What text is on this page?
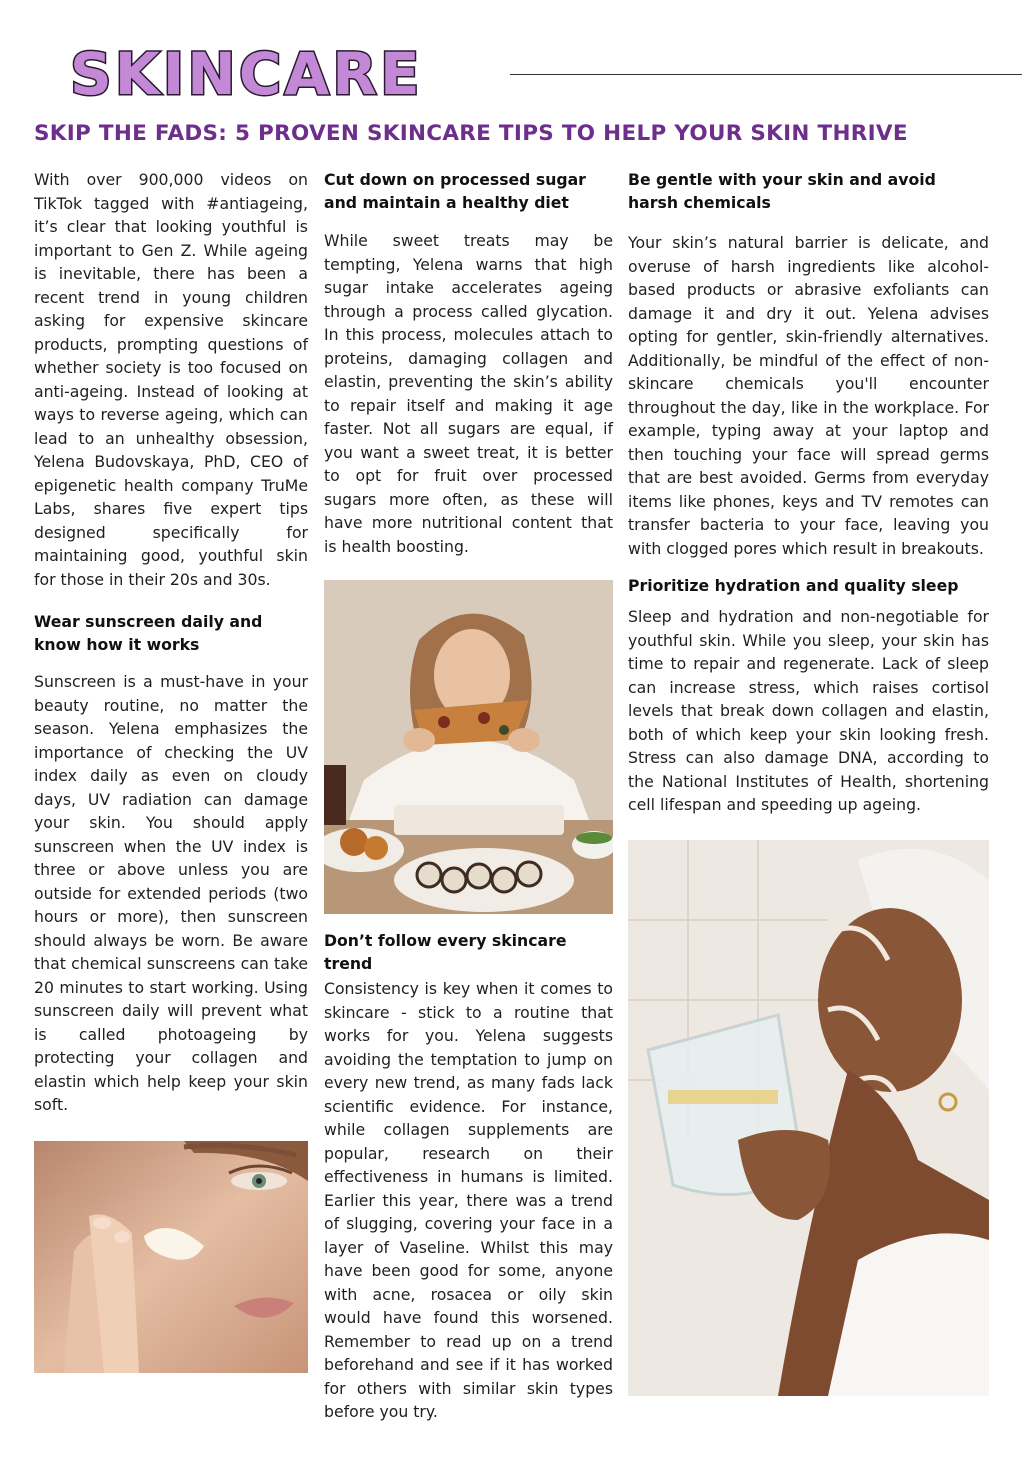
SKINCARE
SKIP THE FADS: 5 PROVEN SKINCARE TIPS TO HELP YOUR SKIN THRIVE

With over 900,000 videos on TikTok tagged with #antiageing, it’s clear that looking youthful is important to Gen Z. While ageing is inevitable, there has been a recent trend in young children asking for expensive skincare products, prompting questions of whether society is too focused on anti-ageing. Instead of looking at ways to reverse ageing, which can lead to an unhealthy obsession, Yelena Budovskaya, PhD, CEO of epigenetic health company TruMe Labs, shares five expert tips designed specifically for maintaining good, youthful skin for those in their 20s and 30s.

Wear sunscreen daily and know how it works

Sunscreen is a must-have in your beauty routine, no matter the season. Yelena emphasizes the importance of checking the UV index daily as even on cloudy days, UV radiation can damage your skin. You should apply sunscreen when the UV index is three or above unless you are outside for extended periods (two hours or more), then sunscreen should always be worn. Be aware that chemical sunscreens can take 20 minutes to start working. Using sunscreen daily will prevent what is called photoageing by protecting your collagen and elastin which help keep your skin soft.

Cut down on processed sugar and maintain a healthy diet

While sweet treats may be tempting, Yelena warns that high sugar intake accelerates ageing through a process called glycation. In this process, molecules attach to proteins, damaging collagen and elastin, preventing the skin’s ability to repair itself and making it age faster. Not all sugars are equal, if you want a sweet treat, it is better to opt for fruit over processed sugars more often, as these will have more nutritional content that is health boosting.

Don’t follow every skincare trend

Consistency is key when it comes to skincare - stick to a routine that works for you. Yelena suggests avoiding the temptation to jump on every new trend, as many fads lack scientific evidence. For instance, while collagen supplements are popular, research on their effectiveness in humans is limited. Earlier this year, there was a trend of slugging, covering your face in a layer of Vaseline. Whilst this may have been good for some, anyone with acne, rosacea or oily skin would have found this worsened. Remember to read up on a trend beforehand and see if it has worked for others with similar skin types before you try.

Be gentle with your skin and avoid harsh chemicals

Your skin’s natural barrier is delicate, and overuse of harsh ingredients like alcohol-based products or abrasive exfoliants can damage it and dry it out. Yelena advises opting for gentler, skin-friendly alternatives. Additionally, be mindful of the effect of non-skincare chemicals you'll encounter throughout the day, like in the workplace. For example, typing away at your laptop and then touching your face will spread germs that are best avoided. Germs from everyday items like phones, keys and TV remotes can transfer bacteria to your face, leaving you with clogged pores which result in breakouts.

Prioritize hydration and quality sleep

Sleep and hydration and non-negotiable for youthful skin. While you sleep, your skin has time to repair and regenerate. Lack of sleep can increase stress, which raises cortisol levels that break down collagen and elastin, both of which keep your skin looking fresh. Stress can also damage DNA, according to the National Institutes of Health, shortening cell lifespan and speeding up ageing.
